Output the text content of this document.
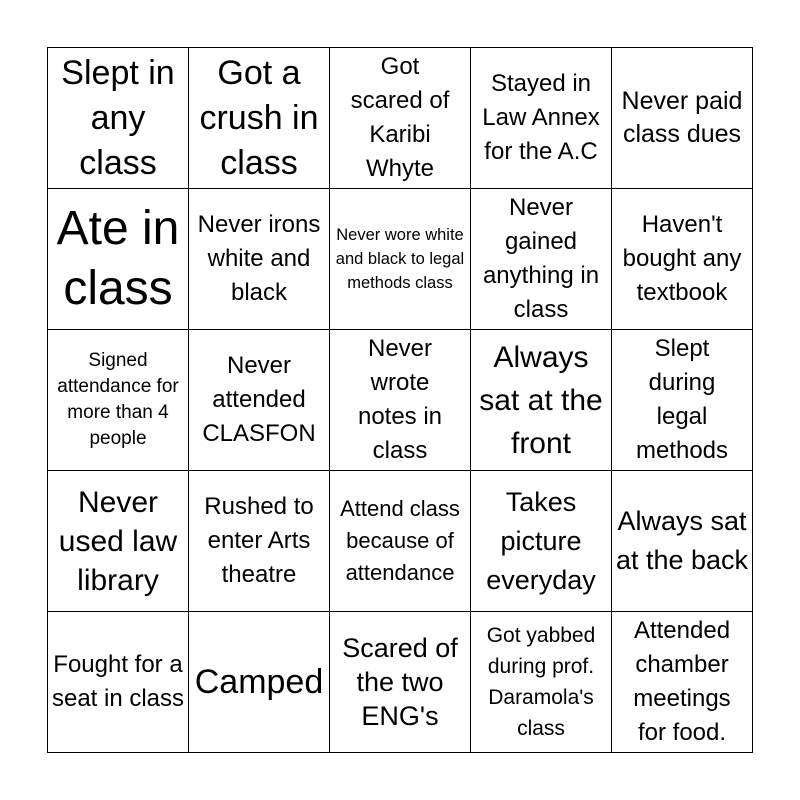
Slept in any class
Got a crush in class
Got scared of Karibi Whyte
Stayed in Law Annex for the A.C
Never paid class dues
Ate in class
Never irons white and black
Never wore white and black to legal methods class
Never gained anything in class
Haven't bought any textbook
Signed attendance for more than 4 people
Never attended CLASFON
Never wrote notes in class
Always sat at the front
Slept during legal methods
Never used law library
Rushed to enter Arts theatre
Attend class because of attendance
Takes picture everyday
Always sat at the back
Fought for a seat in class Camped
Scared of the two ENG's
Got yabbed during prof. Daramola's class
Attended chamber meetings for food.
